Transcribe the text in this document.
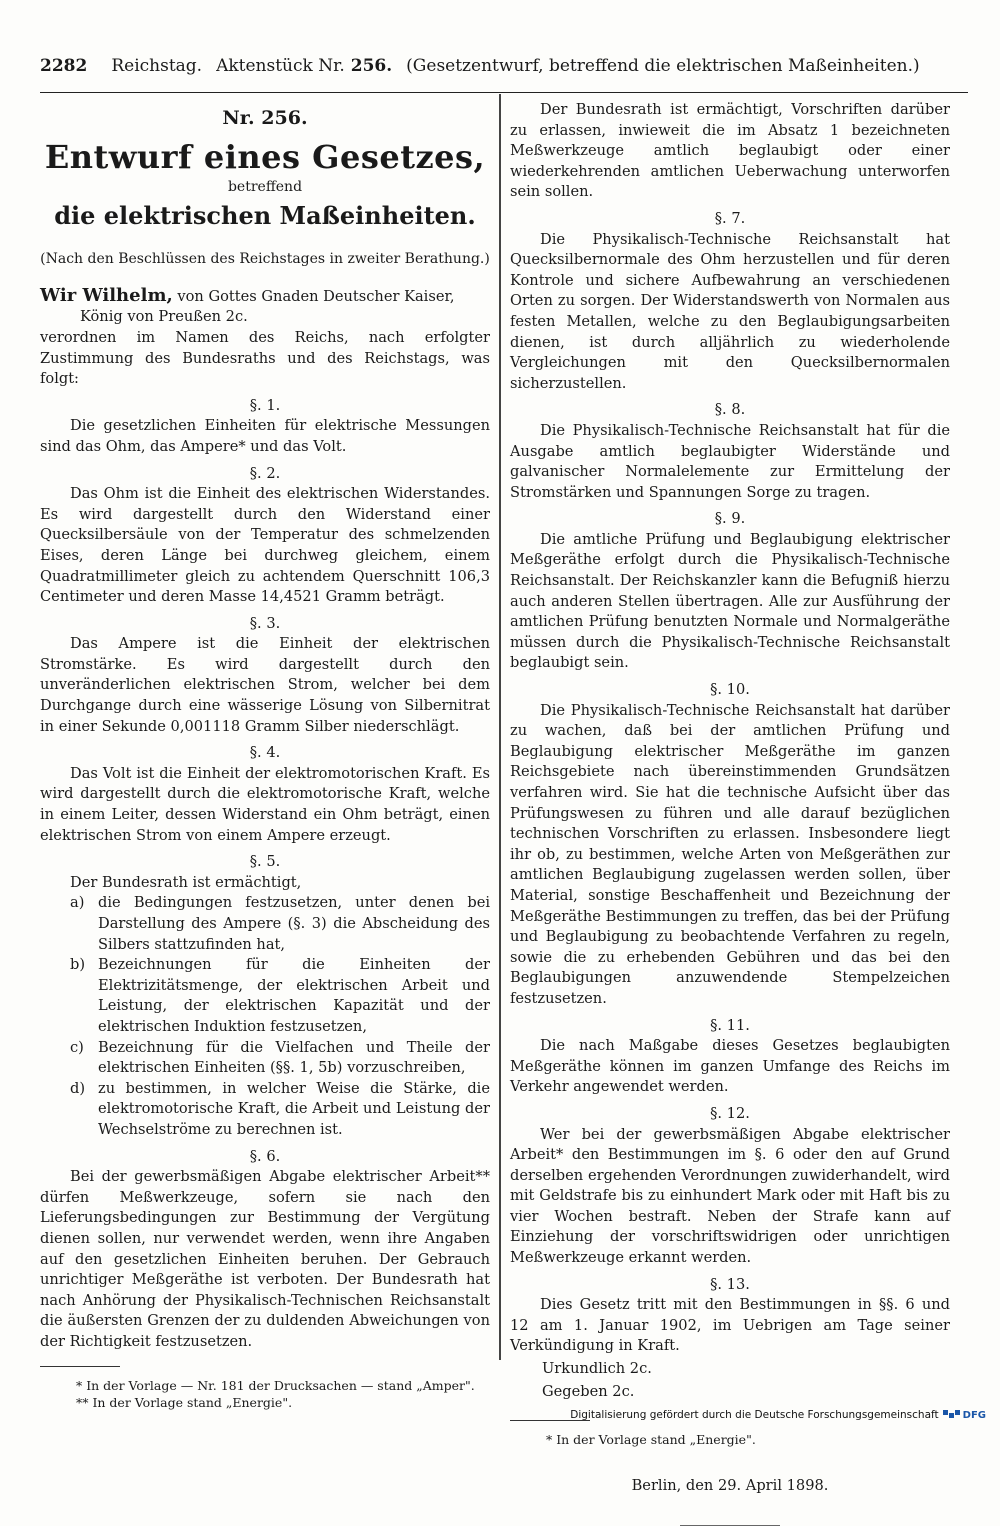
2282 Reichstag. Aktenstück Nr. 256. (Gesetzentwurf, betreffend die elektrischen Maßeinheiten.)
Nr. 256.
Entwurf eines Gesetzes,
betreffend
die elektrischen Maßeinheiten.
(Nach den Beschlüssen des Reichstages in zweiter Berathung.)

Wir Wilhelm, von Gottes Gnaden Deutscher Kaiser,

König von Preußen 2c.

verordnen im Namen des Reichs, nach erfolgter Zustimmung des Bundesraths und des Reichstags, was folgt:

§. 1.

Die gesetzlichen Einheiten für elektrische Messungen sind das Ohm, das Ampere* und das Volt.

§. 2.

Das Ohm ist die Einheit des elektrischen Widerstandes. Es wird dargestellt durch den Widerstand einer Quecksilbersäule von der Temperatur des schmelzenden Eises, deren Länge bei durchweg gleichem, einem Quadratmillimeter gleich zu achtendem Querschnitt 106,3 Centimeter und deren Masse 14,4521 Gramm beträgt.

§. 3.

Das Ampere ist die Einheit der elektrischen Stromstärke. Es wird dargestellt durch den unveränderlichen elektrischen Strom, welcher bei dem Durchgange durch eine wässerige Lösung von Silbernitrat in einer Sekunde 0,001118 Gramm Silber niederschlägt.

§. 4.

Das Volt ist die Einheit der elektromotorischen Kraft. Es wird dargestellt durch die elektromotorische Kraft, welche in einem Leiter, dessen Widerstand ein Ohm beträgt, einen elektrischen Strom von einem Ampere erzeugt.

§. 5.

Der Bundesrath ist ermächtigt,

a) die Bedingungen festzusetzen, unter denen bei Darstellung des Ampere (§. 3) die Abscheidung des Silbers stattzufinden hat,
b) Bezeichnungen für die Einheiten der Elektrizitätsmenge, der elektrischen Arbeit und Leistung, der elektrischen Kapazität und der elektrischen Induktion festzusetzen,
c) Bezeichnung für die Vielfachen und Theile der elektrischen Einheiten (§§. 1, 5b) vorzuschreiben,
d) zu bestimmen, in welcher Weise die Stärke, die elektromotorische Kraft, die Arbeit und Leistung der Wechselströme zu berechnen ist.
§. 6.

Bei der gewerbsmäßigen Abgabe elektrischer Arbeit** dürfen Meßwerkzeuge, sofern sie nach den Lieferungsbedingungen zur Bestimmung der Vergütung dienen sollen, nur verwendet werden, wenn ihre Angaben auf den gesetzlichen Einheiten beruhen. Der Gebrauch unrichtiger Meßgeräthe ist verboten. Der Bundesrath hat nach Anhörung der Physikalisch-Technischen Reichsanstalt die äußersten Grenzen der zu duldenden Abweichungen von der Richtigkeit festzusetzen.

* In der Vorlage — Nr. 181 der Drucksachen — stand „Amper".
** In der Vorlage stand „Energie".

Der Bundesrath ist ermächtigt, Vorschriften darüber zu erlassen, inwieweit die im Absatz 1 bezeichneten Meßwerkzeuge amtlich beglaubigt oder einer wiederkehrenden amtlichen Ueberwachung unterworfen sein sollen.

§. 7.

Die Physikalisch-Technische Reichsanstalt hat Quecksilbernormale des Ohm herzustellen und für deren Kontrole und sichere Aufbewahrung an verschiedenen Orten zu sorgen. Der Widerstandswerth von Normalen aus festen Metallen, welche zu den Beglaubigungsarbeiten dienen, ist durch alljährlich zu wiederholende Vergleichungen mit den Quecksilbernormalen sicherzustellen.

§. 8.

Die Physikalisch-Technische Reichsanstalt hat für die Ausgabe amtlich beglaubigter Widerstände und galvanischer Normalelemente zur Ermittelung der Stromstärken und Spannungen Sorge zu tragen.

§. 9.

Die amtliche Prüfung und Beglaubigung elektrischer Meßgeräthe erfolgt durch die Physikalisch-Technische Reichsanstalt. Der Reichskanzler kann die Befugniß hierzu auch anderen Stellen übertragen. Alle zur Ausführung der amtlichen Prüfung benutzten Normale und Normalgeräthe müssen durch die Physikalisch-Technische Reichsanstalt beglaubigt sein.

§. 10.

Die Physikalisch-Technische Reichsanstalt hat darüber zu wachen, daß bei der amtlichen Prüfung und Beglaubigung elektrischer Meßgeräthe im ganzen Reichsgebiete nach übereinstimmenden Grundsätzen verfahren wird. Sie hat die technische Aufsicht über das Prüfungswesen zu führen und alle darauf bezüglichen technischen Vorschriften zu erlassen. Insbesondere liegt ihr ob, zu bestimmen, welche Arten von Meßgeräthen zur amtlichen Beglaubigung zugelassen werden sollen, über Material, sonstige Beschaffenheit und Bezeichnung der Meßgeräthe Bestimmungen zu treffen, das bei der Prüfung und Beglaubigung zu beobachtende Verfahren zu regeln, sowie die zu erhebenden Gebühren und das bei den Beglaubigungen anzuwendende Stempelzeichen festzusetzen.

§. 11.

Die nach Maßgabe dieses Gesetzes beglaubigten Meßgeräthe können im ganzen Umfange des Reichs im Verkehr angewendet werden.

§. 12.

Wer bei der gewerbsmäßigen Abgabe elektrischer Arbeit* den Bestimmungen im §. 6 oder den auf Grund derselben ergehenden Verordnungen zuwiderhandelt, wird mit Geldstrafe bis zu einhundert Mark oder mit Haft bis zu vier Wochen bestraft. Neben der Strafe kann auf Einziehung der vorschriftswidrigen oder unrichtigen Meßwerkzeuge erkannt werden.

§. 13.

Dies Gesetz tritt mit den Bestimmungen in §§. 6 und 12 am 1. Januar 1902, im Uebrigen am Tage seiner Verkündigung in Kraft.

Urkundlich 2c.
Gegeben 2c.
* In der Vorlage stand „Energie".
Berlin, den 29. April 1898.
Digitalisierung gefördert durch die Deutsche Forschungsgemeinschaft DFG
